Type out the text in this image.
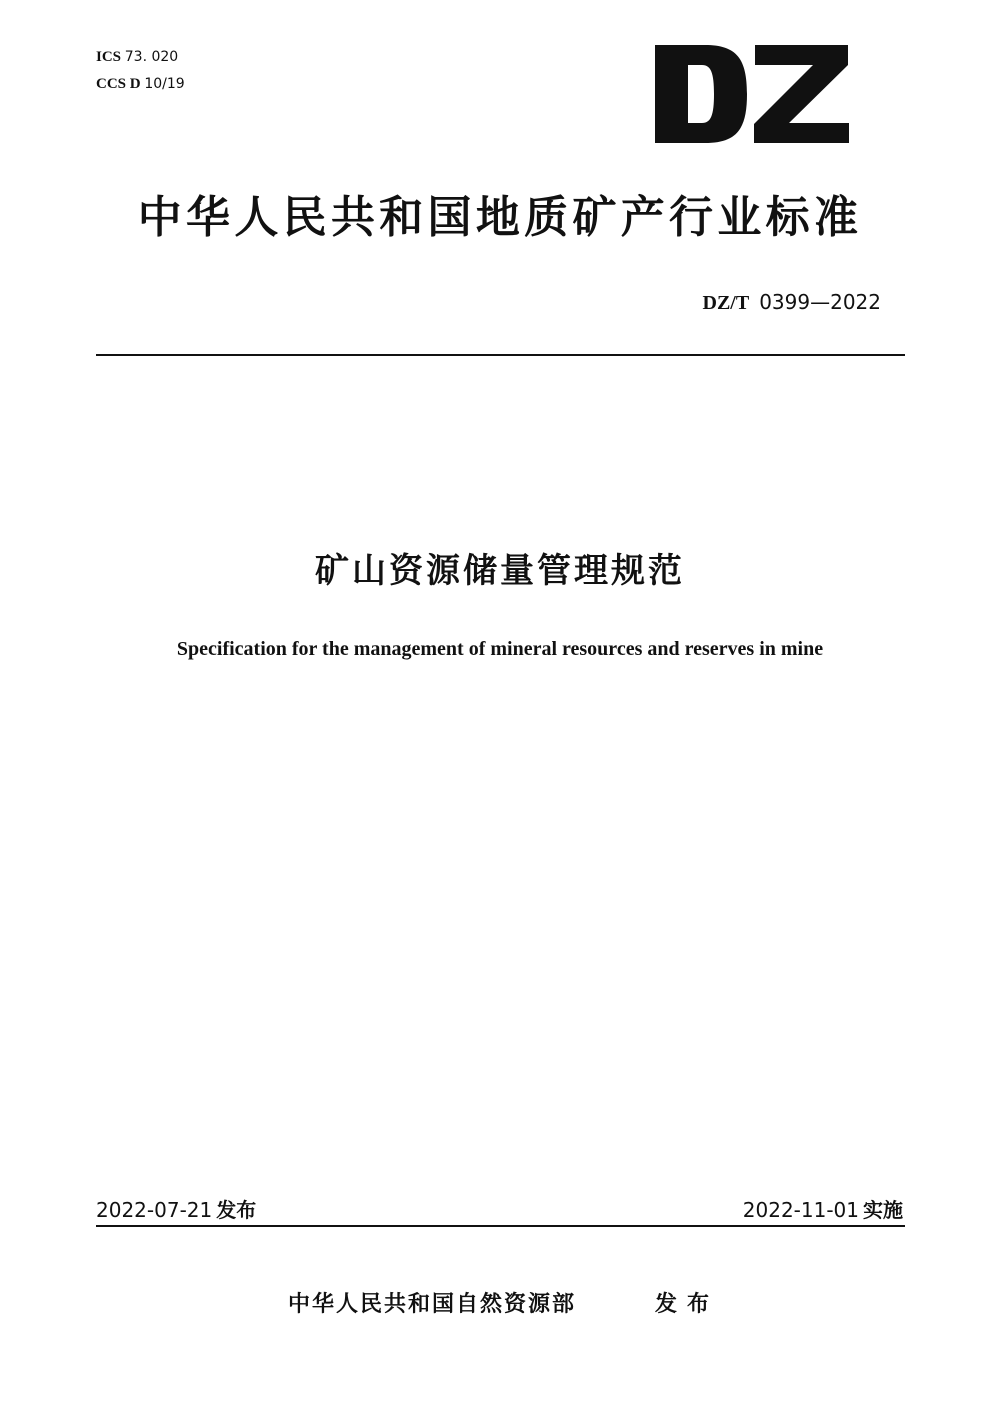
ICS 73. 020
CCS D 10/19
中华人民共和国地质矿产行业标准
DZ/T 0399—2022
矿山资源储量管理规范
Specification for the management of mineral resources and reserves in mine
2022-07-21 发布	2022-11-01 实施
中华人民共和国自然资源部	发布
